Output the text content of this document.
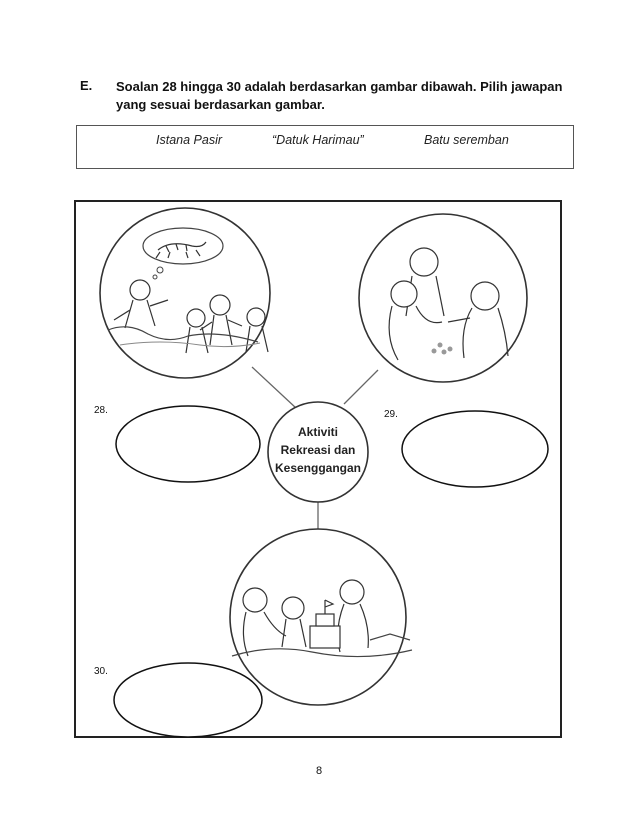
E. Soalan 28 hingga 30 adalah berdasarkan gambar dibawah. Pilih jawapan
yang sesuai berdasarkan gambar.
Istana Pasir	“Datuk Harimau”	Batu seremban
Aktiviti
Rekreasi dan
Kesenggangan
28.	29.
30.
8
